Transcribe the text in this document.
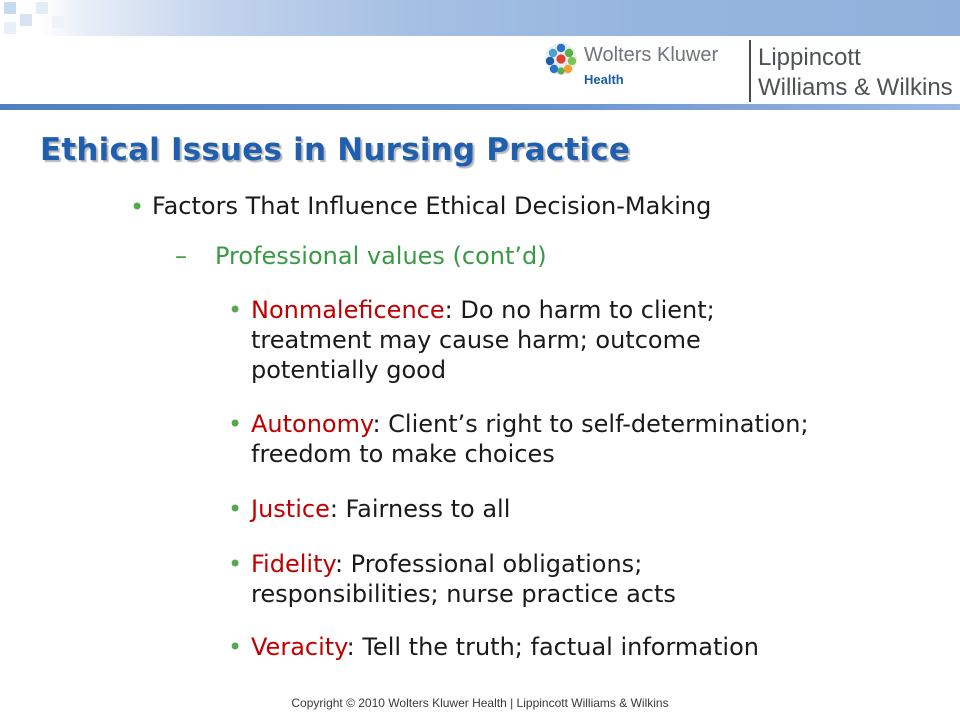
Wolters Kluwer
Health
Lippincott
Williams & Wilkins
Ethical Issues in Nursing Practice
• Factors That Influence Ethical Decision-Making
– Professional values (cont’d)
• Nonmaleficence: Do no harm to client;
treatment may cause harm; outcome
potentially good
• Autonomy: Client’s right to self-determination;
freedom to make choices
• Justice: Fairness to all
• Fidelity: Professional obligations;
responsibilities; nurse practice acts
• Veracity: Tell the truth; factual information
Copyright © 2010 Wolters Kluwer Health | Lippincott Williams & Wilkins
